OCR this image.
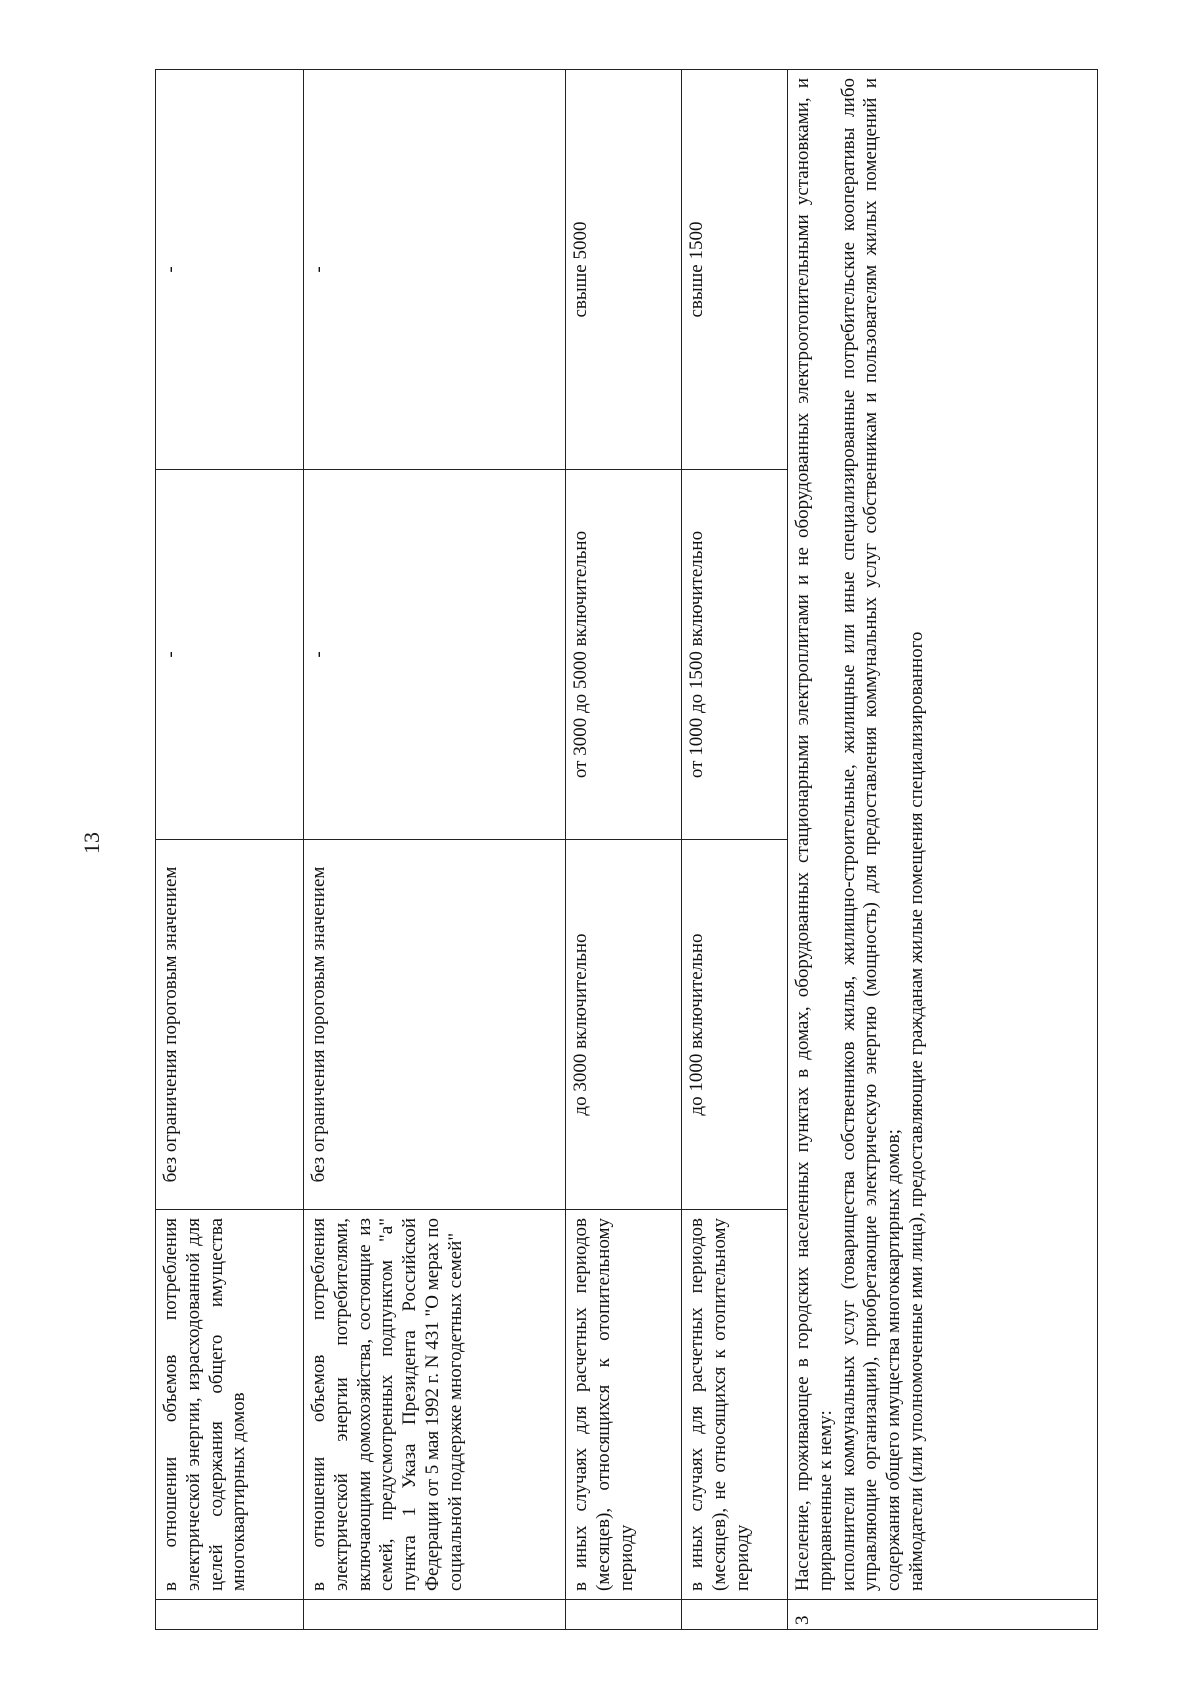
13
	в отношении объемов потребления электрической энергии, израсходованной для целей содержания общего имущества многоквартирных домов	без ограничения пороговым значением	-	-
	в отношении объемов потребления электрической энергии потребителями, включающими домохозяйства, состоящие из семей, предусмотренных подпунктом "а" пункта 1 Указа Президента Российской Федерации от 5 мая 1992 г. N 431 "О мерах по социальной поддержке многодетных семей"	без ограничения пороговым значением	-	-
	в иных случаях для расчетных периодов (месяцев), относящихся к отопительному периоду	до 3000 включительно	от 3000 до 5000 включительно	свыше 5000
	в иных случаях для расчетных периодов (месяцев), не относящихся к отопительному периоду	до 1000 включительно	от 1000 до 1500 включительно	свыше 1500
3	Население, проживающее в городских населенных пунктах в домах, оборудованных стационарными электроплитами и не оборудованных электроотопительными установками, и приравненные к нему: исполнители коммунальных услуг (товарищества собственников жилья, жилищно-строительные, жилищные или иные специализированные потребительские кооперативы либо управляющие организации), приобретающие электрическую энергию (мощность) для предоставления коммунальных услуг собственникам и пользователям жилых помещений и содержания общего имущества многоквартирных домов; наймодатели (или уполномоченные ими лица), предоставляющие гражданам жилые помещения специализированного			
